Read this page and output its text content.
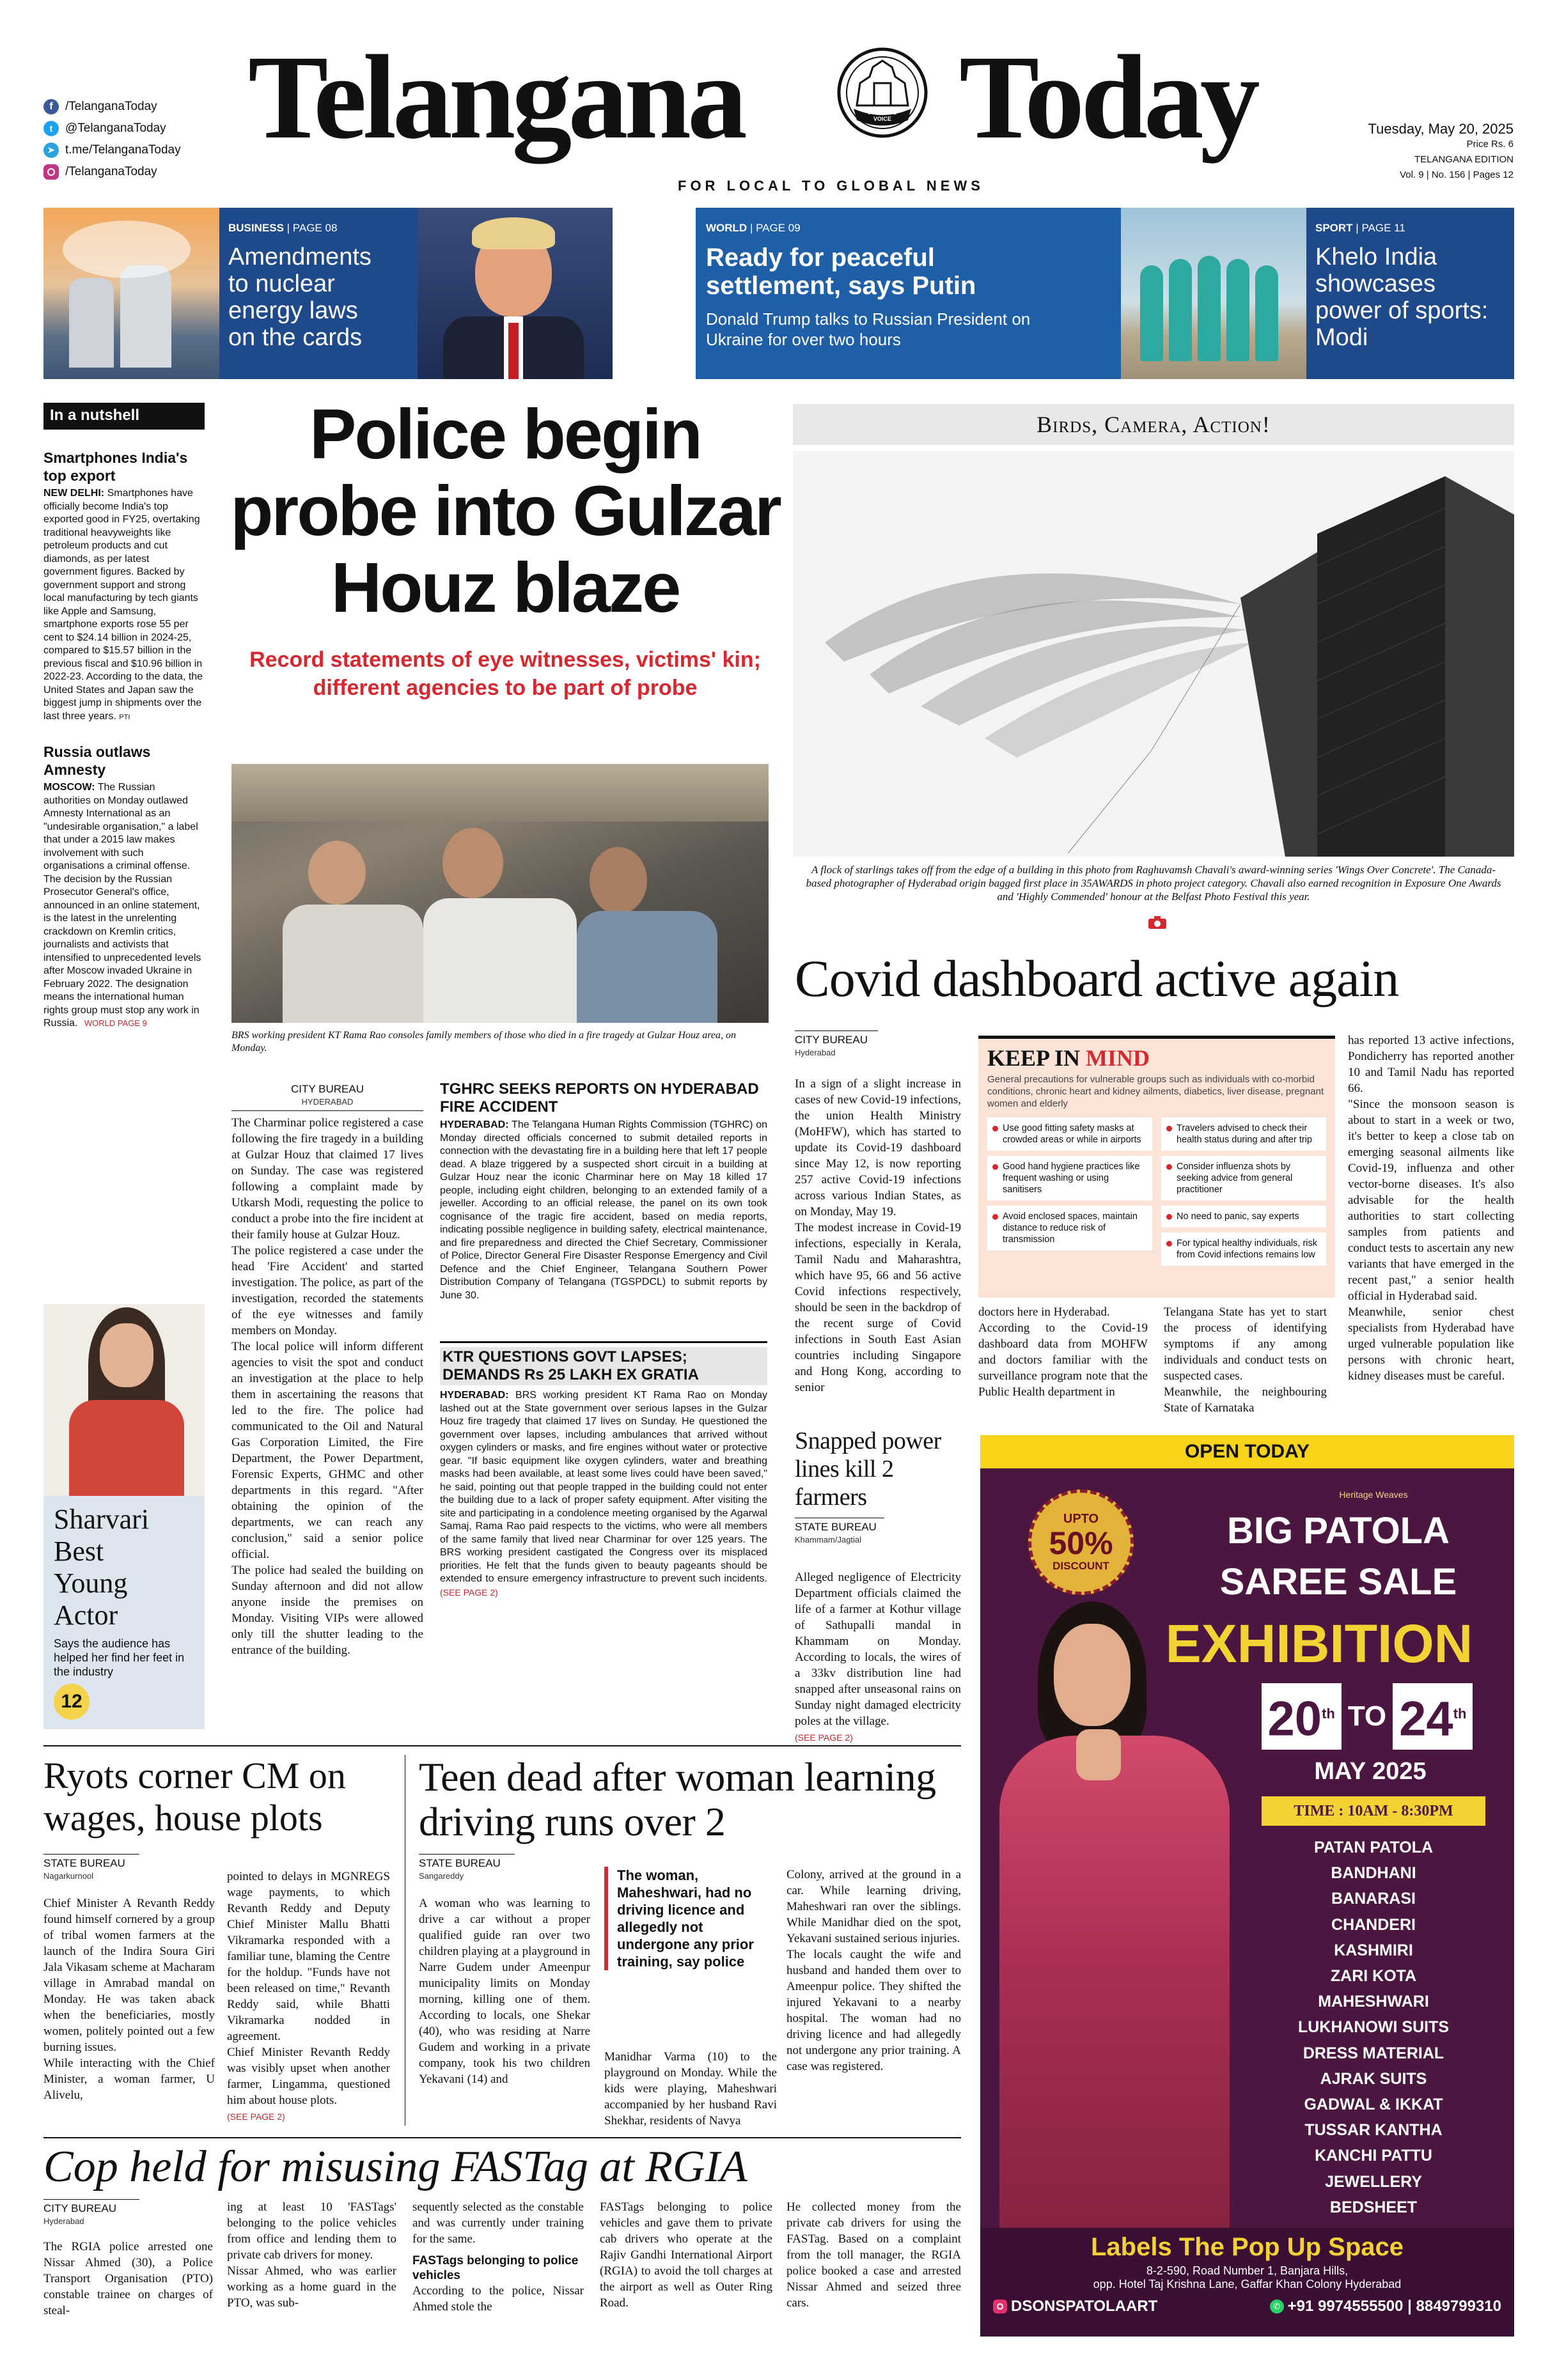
f	/TelanganaToday
t	@TelanganaToday
➤ t.me/TelanganaToday
/TelanganaToday
Telangana	PEOPLE'S VOICE Today
FOR LOCAL TO GLOBAL NEWS
Tuesday, May 20, 2025
Price Rs. 6
TELANGANA EDITION
Vol. 9 | No. 156 | Pages 12
BUSINESS | PAGE 08
Amendments to nuclear energy laws on the cards
WORLD | PAGE 09
Ready for peaceful settlement, says Putin
Donald Trump talks to Russian President on Ukraine for over two hours
SPORT | PAGE 11
Khelo India showcases power of sports: Modi
In a nutshell
Smartphones India's top export
NEW DELHI: Smartphones have officially become India's top exported good in FY25, overtaking traditional heavyweights like petroleum products and cut diamonds, as per latest government figures. Backed by government support and strong local manufacturing by tech giants like Apple and Samsung, smartphone exports rose 55 per cent to $24.14 billion in 2024-25, compared to $15.57 billion in the previous fiscal and $10.96 billion in 2022-23. According to the data, the United States and Japan saw the biggest jump in shipments over the last three years. PTI
Russia outlaws Amnesty
MOSCOW: The Russian authorities on Monday outlawed Amnesty International as an "undesirable organisation," a label that under a 2015 law makes involvement with such organisations a criminal offense. The decision by the Russian Prosecutor General's office, announced in an online statement, is the latest in the unrelenting crackdown on Kremlin critics, journalists and activists that intensified to unprecedented levels after Moscow invaded Ukraine in February 2022. The designation means the international human rights group must stop any work in Russia. WORLD PAGE 9
Sharvari Best Young Actor
Says the audience has helped her find her feet in the industry
12
Police begin probe into Gulzar Houz blaze
Record statements of eye witnesses, victims' kin; different agencies to be part of probe
BRS working president KT Rama Rao consoles family members of those who died in a fire tragedy at Gulzar Houz area, on Monday.
CITY BUREAU
HYDERABAD
The Charminar police registered a case following the fire tragedy in a building at Gulzar Houz that claimed 17 lives on Sunday. The case was registered following a complaint made by Utkarsh Modi, requesting the police to conduct a probe into the fire incident at their family house at Gulzar Houz.
The police registered a case under the head 'Fire Accident' and started investigation. The police, as part of the investigation, recorded the statements of the eye witnesses and family members on Monday.
The local police will inform different agencies to visit the spot and conduct an investigation at the place to help them in ascertaining the reasons that led to the fire. The police had communicated to the Oil and Natural Gas Corporation Limited, the Fire Department, the Power Department, Forensic Experts, GHMC and other departments in this regard. "After obtaining the opinion of the departments, we can reach any conclusion," said a senior police official.
The police had sealed the building on Sunday afternoon and did not allow anyone inside the premises on Monday. Visiting VIPs were allowed only till the shutter leading to the entrance of the building.
TGHRC SEEKS REPORTS ON HYDERABAD FIRE ACCIDENT
HYDERABAD: The Telangana Human Rights Commission (TGHRC) on Monday directed officials concerned to submit detailed reports in connection with the devastating fire in a building here that left 17 people dead. A blaze triggered by a suspected short circuit in a building at Gulzar Houz near the iconic Charminar here on May 18 killed 17 people, including eight children, belonging to an extended family of a jeweller. According to an official release, the panel on its own took cognisance of the tragic fire accident, based on media reports, indicating possible negligence in building safety, electrical maintenance, and fire preparedness and directed the Chief Secretary, Commissioner of Police, Director General Fire Disaster Response Emergency and Civil Defence and the Chief Engineer, Telangana Southern Power Distribution Company of Telangana (TGSPDCL) to submit reports by June 30.
KTR QUESTIONS GOVT LAPSES; DEMANDS Rs 25 LAKH EX GRATIA
HYDERABAD: BRS working president KT Rama Rao on Monday lashed out at the State government over serious lapses in the Gulzar Houz fire tragedy that claimed 17 lives on Sunday. He questioned the government over lapses, including ambulances that arrived without oxygen cylinders or masks, and fire engines without water or protective gear. "If basic equipment like oxygen cylinders, water and breathing masks had been available, at least some lives could have been saved," he said, pointing out that people trapped in the building could not enter the building due to a lack of proper safety equipment. After visiting the site and participating in a condolence meeting organised by the Agarwal Samaj, Rama Rao paid respects to the victims, who were all members of the same family that lived near Charminar for over 125 years. The BRS working president castigated the Congress over its misplaced priorities. He felt that the funds given to beauty pageants should be extended to ensure emergency infrastructure to prevent such incidents. (SEE PAGE 2)
Birds, Camera, Action!
A flock of starlings takes off from the edge of a building in this photo from Raghuvamsh Chavali's award-winning series 'Wings Over Concrete'. The Canada-based photographer of Hyderabad origin bagged first place in 35AWARDS in photo project category. Chavali also earned recognition in Exposure One Awards and 'Highly Commended' honour at the Belfast Photo Festival this year.
Covid dashboard active again
CITY BUREAU
Hyderabad
In a sign of a slight increase in cases of new Covid-19 infections, the union Health Ministry (MoHFW), which has started to update its Covid-19 dashboard since May 12, is now reporting 257 active Covid-19 infections across various Indian States, as on Monday, May 19.
The modest increase in Covid-19 infections, especially in Kerala, Tamil Nadu and Maharashtra, which have 95, 66 and 56 active Covid infections respectively, should be seen in the backdrop of the recent surge of Covid infections in South East Asian countries including Singapore and Hong Kong, according to senior
doctors here in Hyderabad.
According to the Covid-19 dashboard data from MOHFW and doctors familiar with the surveillance program note that the Public Health department in
Telangana State has yet to start the process of identifying symptoms if any among individuals and conduct tests on suspected cases.
Meanwhile, the neighbouring State of Karnataka
has reported 13 active infections, Pondicherry has reported another 10 and Tamil Nadu has reported 66.
"Since the monsoon season is about to start in a week or two, it's better to keep a close tab on emerging seasonal ailments like Covid-19, influenza and other vector-borne diseases. It's also advisable for the health authorities to start collecting samples from patients and conduct tests to ascertain any new variants that have emerged in the recent past," a senior health official in Hyderabad said.
Meanwhile, senior chest specialists from Hyderabad have urged vulnerable population like persons with chronic heart, kidney diseases must be careful.
KEEP IN MIND
General precautions for vulnerable groups such as individuals with co-morbid conditions, chronic heart and kidney ailments, diabetics, liver disease, pregnant women and elderly
Use good fitting safety masks at crowded areas or while in airports
Good hand hygiene practices like frequent washing or using sanitisers
Avoid enclosed spaces, maintain distance to reduce risk of transmission
Travelers advised to check their health status during and after trip
Consider influenza shots by seeking advice from general practitioner
No need to panic, say experts
For typical healthy individuals, risk from Covid infections remains low
Snapped power lines kill 2 farmers
STATE BUREAU
Khammam/Jagtial

Alleged negligence of Electricity Department officials claimed the life of a farmer at Kothur village of Sathupalli mandal in Khammam on Monday. According to locals, the wires of a 33kv distribution line had snapped after unseasonal rains on Sunday night damaged electricity poles at the village.
(SEE PAGE 2)

Ryots corner CM on wages, house plots
STATE BUREAU
Nagarkurnool
Chief Minister A Revanth Reddy found himself cornered by a group of tribal women farmers at the launch of the Indira Soura Giri Jala Vikasam scheme at Macharam village in Amrabad mandal on Monday. He was taken aback when the beneficiaries, mostly women, politely pointed out a few burning issues.
While interacting with the Chief Minister, a woman farmer, U Alivelu,

pointed to delays in MGNREGS wage payments, to which Revanth Reddy and Deputy Chief Minister Mallu Bhatti Vikramarka responded with a familiar tune, blaming the Centre for the holdup. "Funds have not been released on time," Revanth Reddy said, while Bhatti Vikramarka nodded in agreement.
Chief Minister Revanth Reddy was visibly upset when another farmer, Lingamma, questioned him about house plots.
(SEE PAGE 2)

Teen dead after woman learning driving runs over 2
STATE BUREAU
Sangareddy
A woman who was learning to drive a car without a proper qualified guide ran over two children playing at a playground in Narre Gudem under Ameenpur municipality limits on Monday morning, killing one of them. According to locals, one Shekar (40), who was residing at Narre Gudem and working in a private company, took his two children Yekavani (14) and
The woman, Maheshwari, had no driving licence and allegedly not undergone any prior training, say police
Manidhar Varma (10) to the playground on Monday. While the kids were playing, Maheshwari accompanied by her husband Ravi Shekhar, residents of Navya
Colony, arrived at the ground in a car. While learning driving, Maheshwari ran over the siblings. While Manidhar died on the spot, Yekavani sustained serious injuries.
The locals caught the wife and husband and handed them over to Ameenpur police. They shifted the injured Yekavani to a nearby hospital. The woman had no driving licence and had allegedly not undergone any prior training. A case was registered.
Cop held for misusing FASTag at RGIA
CITY BUREAU
Hyderabad
The RGIA police arrested one Nissar Ahmed (30), a Police Transport Organisation (PTO) constable trainee on charges of steal-
ing at least 10 'FASTags' belonging to the police vehicles from office and lending them to private cab drivers for money.
Nissar Ahmed, who was earlier working as a home guard in the PTO, was sub-
sequently selected as the constable and was currently under training for the same.
FASTags belonging to police vehicles
According to the police, Nissar Ahmed stole the
FASTags belonging to police vehicles and gave them to private cab drivers who operate at the Rajiv Gandhi International Airport (RGIA) to avoid the toll charges at the airport as well as Outer Ring Road.
He collected money from the private cab drivers for using the FASTag. Based on a complaint from the toll manager, the RGIA police booked a case and arrested Nissar Ahmed and seized three cars.
OPEN TODAY
UPTO
50%
DISCOUNT
Heritage Weaves
BIG PATOLA
SAREE SALE
EXHIBITION
20th TO 24th
MAY 2025
TIME : 10AM - 8:30PM
PATAN PATOLA
BANDHANI
BANARASI
CHANDERI
KASHMIRI
ZARI KOTA
MAHESHWARI
LUKHANOWI SUITS
DRESS MATERIAL
AJRAK SUITS
GADWAL & IKKAT
TUSSAR KANTHA
KANCHI PATTU
JEWELLERY
BEDSHEET
Labels The Pop Up Space
8-2-590, Road Number 1, Banjara Hills,
opp. Hotel Taj Krishna Lane, Gaffar Khan Colony Hyderabad
DSONSPATOLAART	✆ +91 9974555500 | 8849799310
